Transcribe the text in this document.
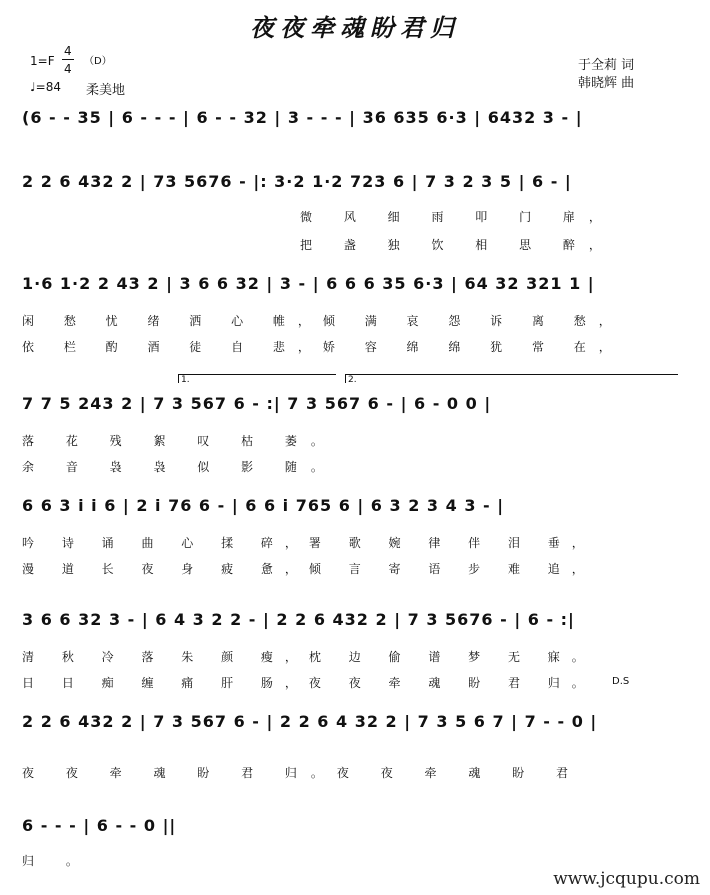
夜夜牵魂盼君归
1=F
4
4
（D）
♩=84 柔美地
于全莉 词
韩晓辉 曲
(6 - - 35 | 6 - - - | 6 - - 32 | 3 - - - | 36 635 6·3 | 6432 3 - |
2 2 6 432 2 | 73 5676 - |: 3·2 1·2 723 6 | 7 3 2 3 5 | 6 - |
微 风 细 雨 叩 门 扉，
把 盏 独 饮 相 思 醉，
1·6 1·2 2 43 2 | 3 6 6 32 | 3 - | 6 6 6 35 6·3 | 64 32 321 1 |
闲 愁 忧 绪 洒 心 帷，倾 满 哀 怨 诉 离 愁，
依 栏 酌 酒 徒 自 悲，娇 容 绵 绵 犹 常 在，
1.	2.
7 7 5 243 2 | 7 3 567 6 - :| 7 3 567 6 - | 6 - 0 0 |
落 花 残 絮 叹 枯 萎。
余 音 袅 袅 似 影 随。
6 6 3 i i 6 | 2 i 76 6 - | 6 6 i 765 6 | 6 3 2 3 4 3 - |
吟 诗 诵 曲 心 揉 碎，署 歌 婉 律 伴 泪 垂，
漫 道 长 夜 身 疲 惫，倾 言 寄 语 步 难 追，
3 6 6 32 3 - | 6 4 3 2 2 - | 2 2 6 432 2 | 7 3 5676 - | 6 - :|
清 秋 冷 落 朱 颜 瘦，枕 边 偷 谱 梦 无 寐。
日 日 痴 缠 痛 肝 肠，夜 夜 牵 魂 盼 君 归。 D.S
2 2 6 432 2 | 7 3 567 6 - | 2 2 6 4 32 2 | 7 3 5 6 7 | 7 - - 0 |
夜 夜 牵 魂 盼 君 归。夜 夜 牵 魂 盼 君
6 - - - | 6 - - 0 ||
归 。
www.jcqupu.com
